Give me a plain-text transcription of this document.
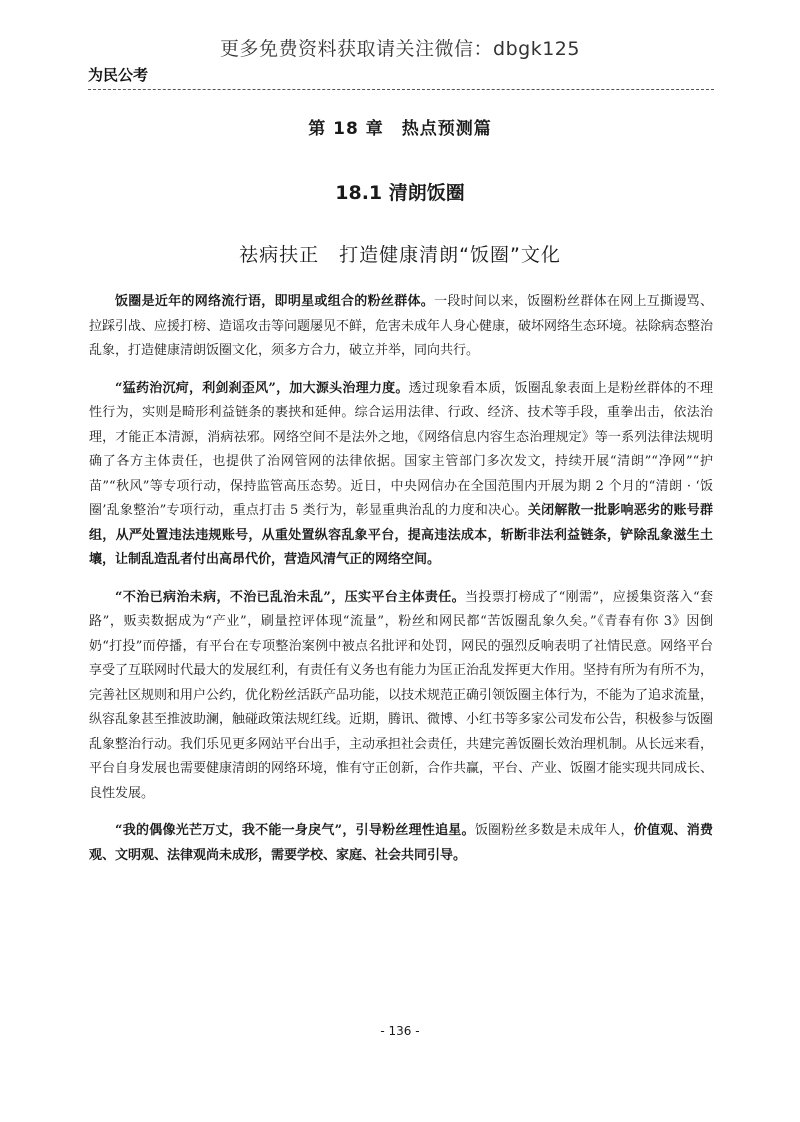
更多免费资料获取请关注微信：dbgk125
为民公考
第 18 章　热点预测篇
18.1 清朗饭圈
祛病扶正　打造健康清朗“饭圈”文化

饭圈是近年的网络流行语，即明星或组合的粉丝群体。一段时间以来，饭圈粉丝群体在网上互撕谩骂、拉踩引战、应援打榜、造谣攻击等问题屡见不鲜，危害未成年人身心健康，破坏网络生态环境。祛除病态整治乱象，打造健康清朗饭圈文化，须多方合力，破立并举，同向共行。

“猛药治沉疴，利剑刹歪风”，加大源头治理力度。透过现象看本质，饭圈乱象表面上是粉丝群体的不理性行为，实则是畸形利益链条的裹挟和延伸。综合运用法律、行政、经济、技术等手段，重拳出击，依法治理，才能正本清源，消病祛邪。网络空间不是法外之地，《网络信息内容生态治理规定》等一系列法律法规明确了各方主体责任，也提供了治网管网的法律依据。国家主管部门多次发文，持续开展“清朗”“净网”“护苗”“秋风”等专项行动，保持监管高压态势。近日，中央网信办在全国范围内开展为期 2 个月的“清朗 · ‘饭圈’乱象整治”专项行动，重点打击 5 类行为，彰显重典治乱的力度和决心。关闭解散一批影响恶劣的账号群组，从严处置违法违规账号，从重处置纵容乱象平台，提高违法成本，斩断非法利益链条，铲除乱象滋生土壤，让制乱造乱者付出高昂代价，营造风清气正的网络空间。

“不治已病治未病，不治已乱治未乱”，压实平台主体责任。当投票打榜成了“刚需”，应援集资落入“套路”，贩卖数据成为“产业”，刷量控评体现“流量”，粉丝和网民都“苦饭圈乱象久矣。”《青春有你 3》因倒奶“打投”而停播，有平台在专项整治案例中被点名批评和处罚，网民的强烈反响表明了社情民意。网络平台享受了互联网时代最大的发展红利，有责任有义务也有能力为匡正治乱发挥更大作用。坚持有所为有所不为，完善社区规则和用户公约，优化粉丝活跃产品功能，以技术规范正确引领饭圈主体行为，不能为了追求流量，纵容乱象甚至推波助澜，触碰政策法规红线。近期，腾讯、微博、小红书等多家公司发布公告，积极参与饭圈乱象整治行动。我们乐见更多网站平台出手，主动承担社会责任，共建完善饭圈长效治理机制。从长远来看，平台自身发展也需要健康清朗的网络环境，惟有守正创新，合作共赢，平台、产业、饭圈才能实现共同成长、良性发展。

“我的偶像光芒万丈，我不能一身戾气”，引导粉丝理性追星。饭圈粉丝多数是未成年人，价值观、消费观、文明观、法律观尚未成形，需要学校、家庭、社会共同引导。

- 136 -
